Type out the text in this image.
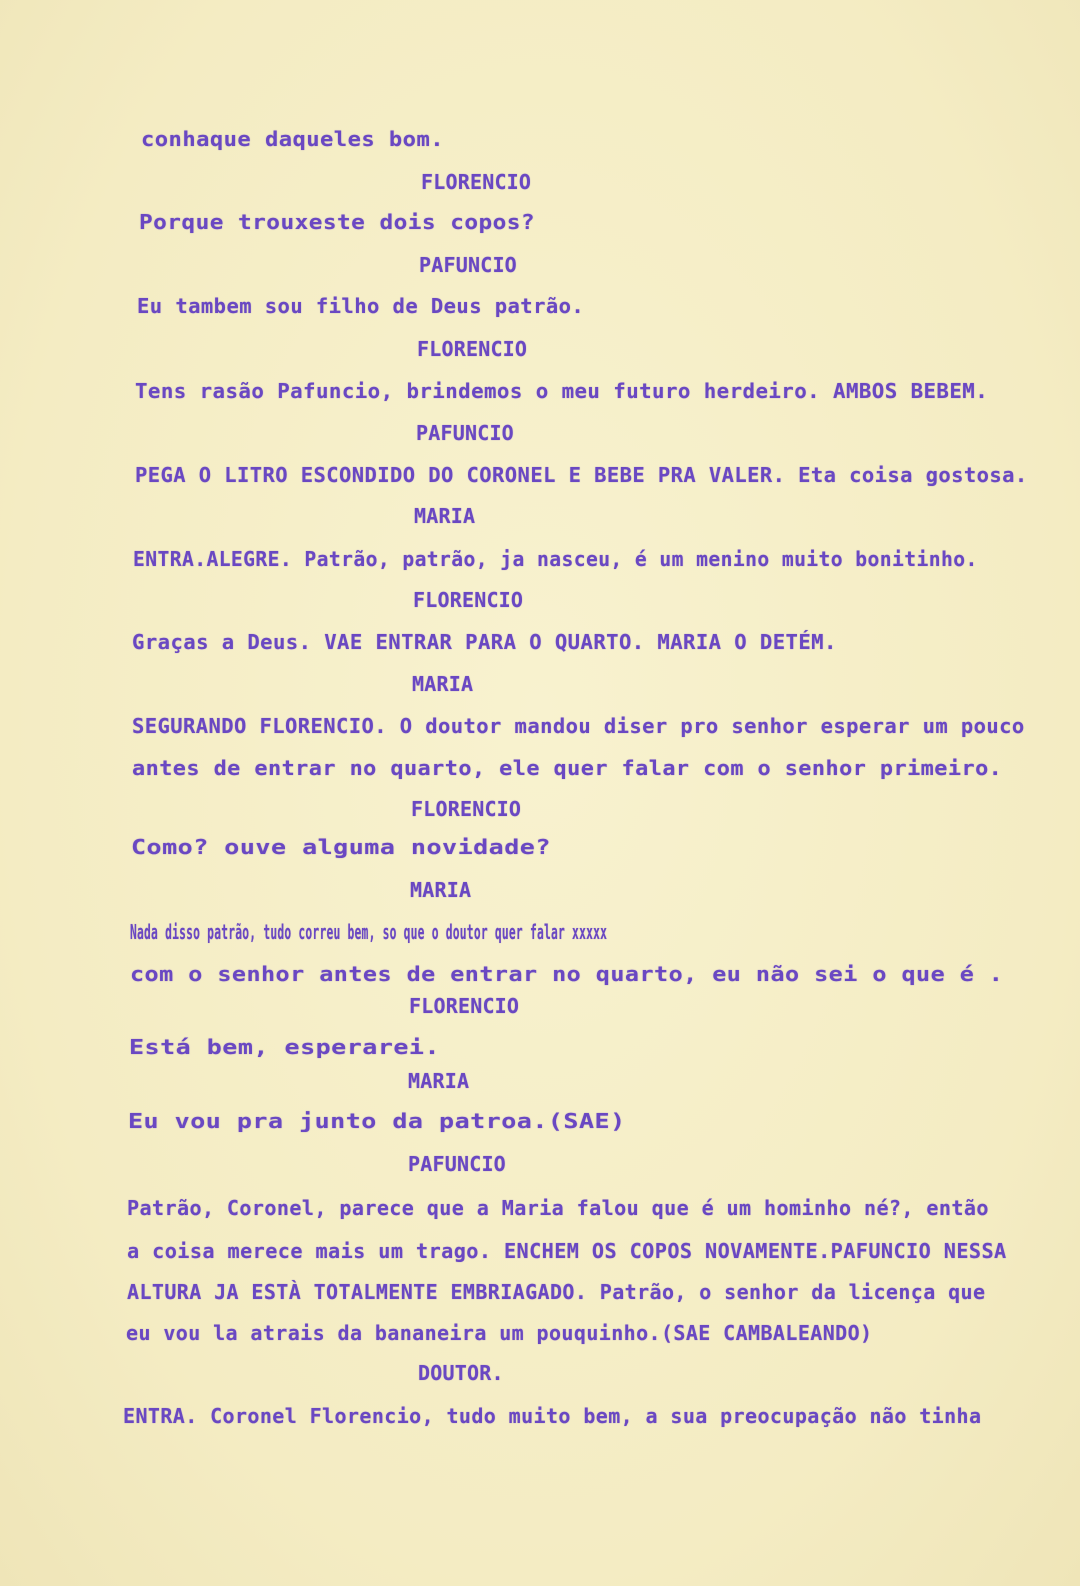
conhaque daqueles bom.
FLORENCIO
Porque trouxeste dois copos?
PAFUNCIO
Eu tambem sou filho de Deus patrão.
FLORENCIO
Tens rasão Pafuncio, brindemos o meu futuro herdeiro. AMBOS BEBEM.
PAFUNCIO
PEGA O LITRO ESCONDIDO DO CORONEL E BEBE PRA VALER. Eta coisa gostosa.
MARIA
ENTRA.ALEGRE. Patrão, patrão, ja nasceu, é um menino muito bonitinho.
FLORENCIO
Graças a Deus. VAE ENTRAR PARA O QUARTO. MARIA O DETÉM.
MARIA
SEGURANDO FLORENCIO. O doutor mandou diser pro senhor esperar um pouco
antes de entrar no quarto, ele quer falar com o senhor primeiro.
FLORENCIO
Como? ouve alguma novidade?
MARIA
Nada disso patrão, tudo correu bem, so que o doutor quer falar xxxxx
com o senhor antes de entrar no quarto, eu não sei o que é .
FLORENCIO
Está bem, esperarei.
MARIA
Eu vou pra junto da patroa.(SAE)
PAFUNCIO
Patrão, Coronel, parece que a Maria falou que é um hominho né?, então
a coisa merece mais um trago. ENCHEM OS COPOS NOVAMENTE.PAFUNCIO NESSA
ALTURA JA ESTÀ TOTALMENTE EMBRIAGADO. Patrão, o senhor da licença que
eu vou la atrais da bananeira um pouquinho.(SAE CAMBALEANDO)
DOUTOR.
ENTRA. Coronel Florencio, tudo muito bem, a sua preocupação não tinha
